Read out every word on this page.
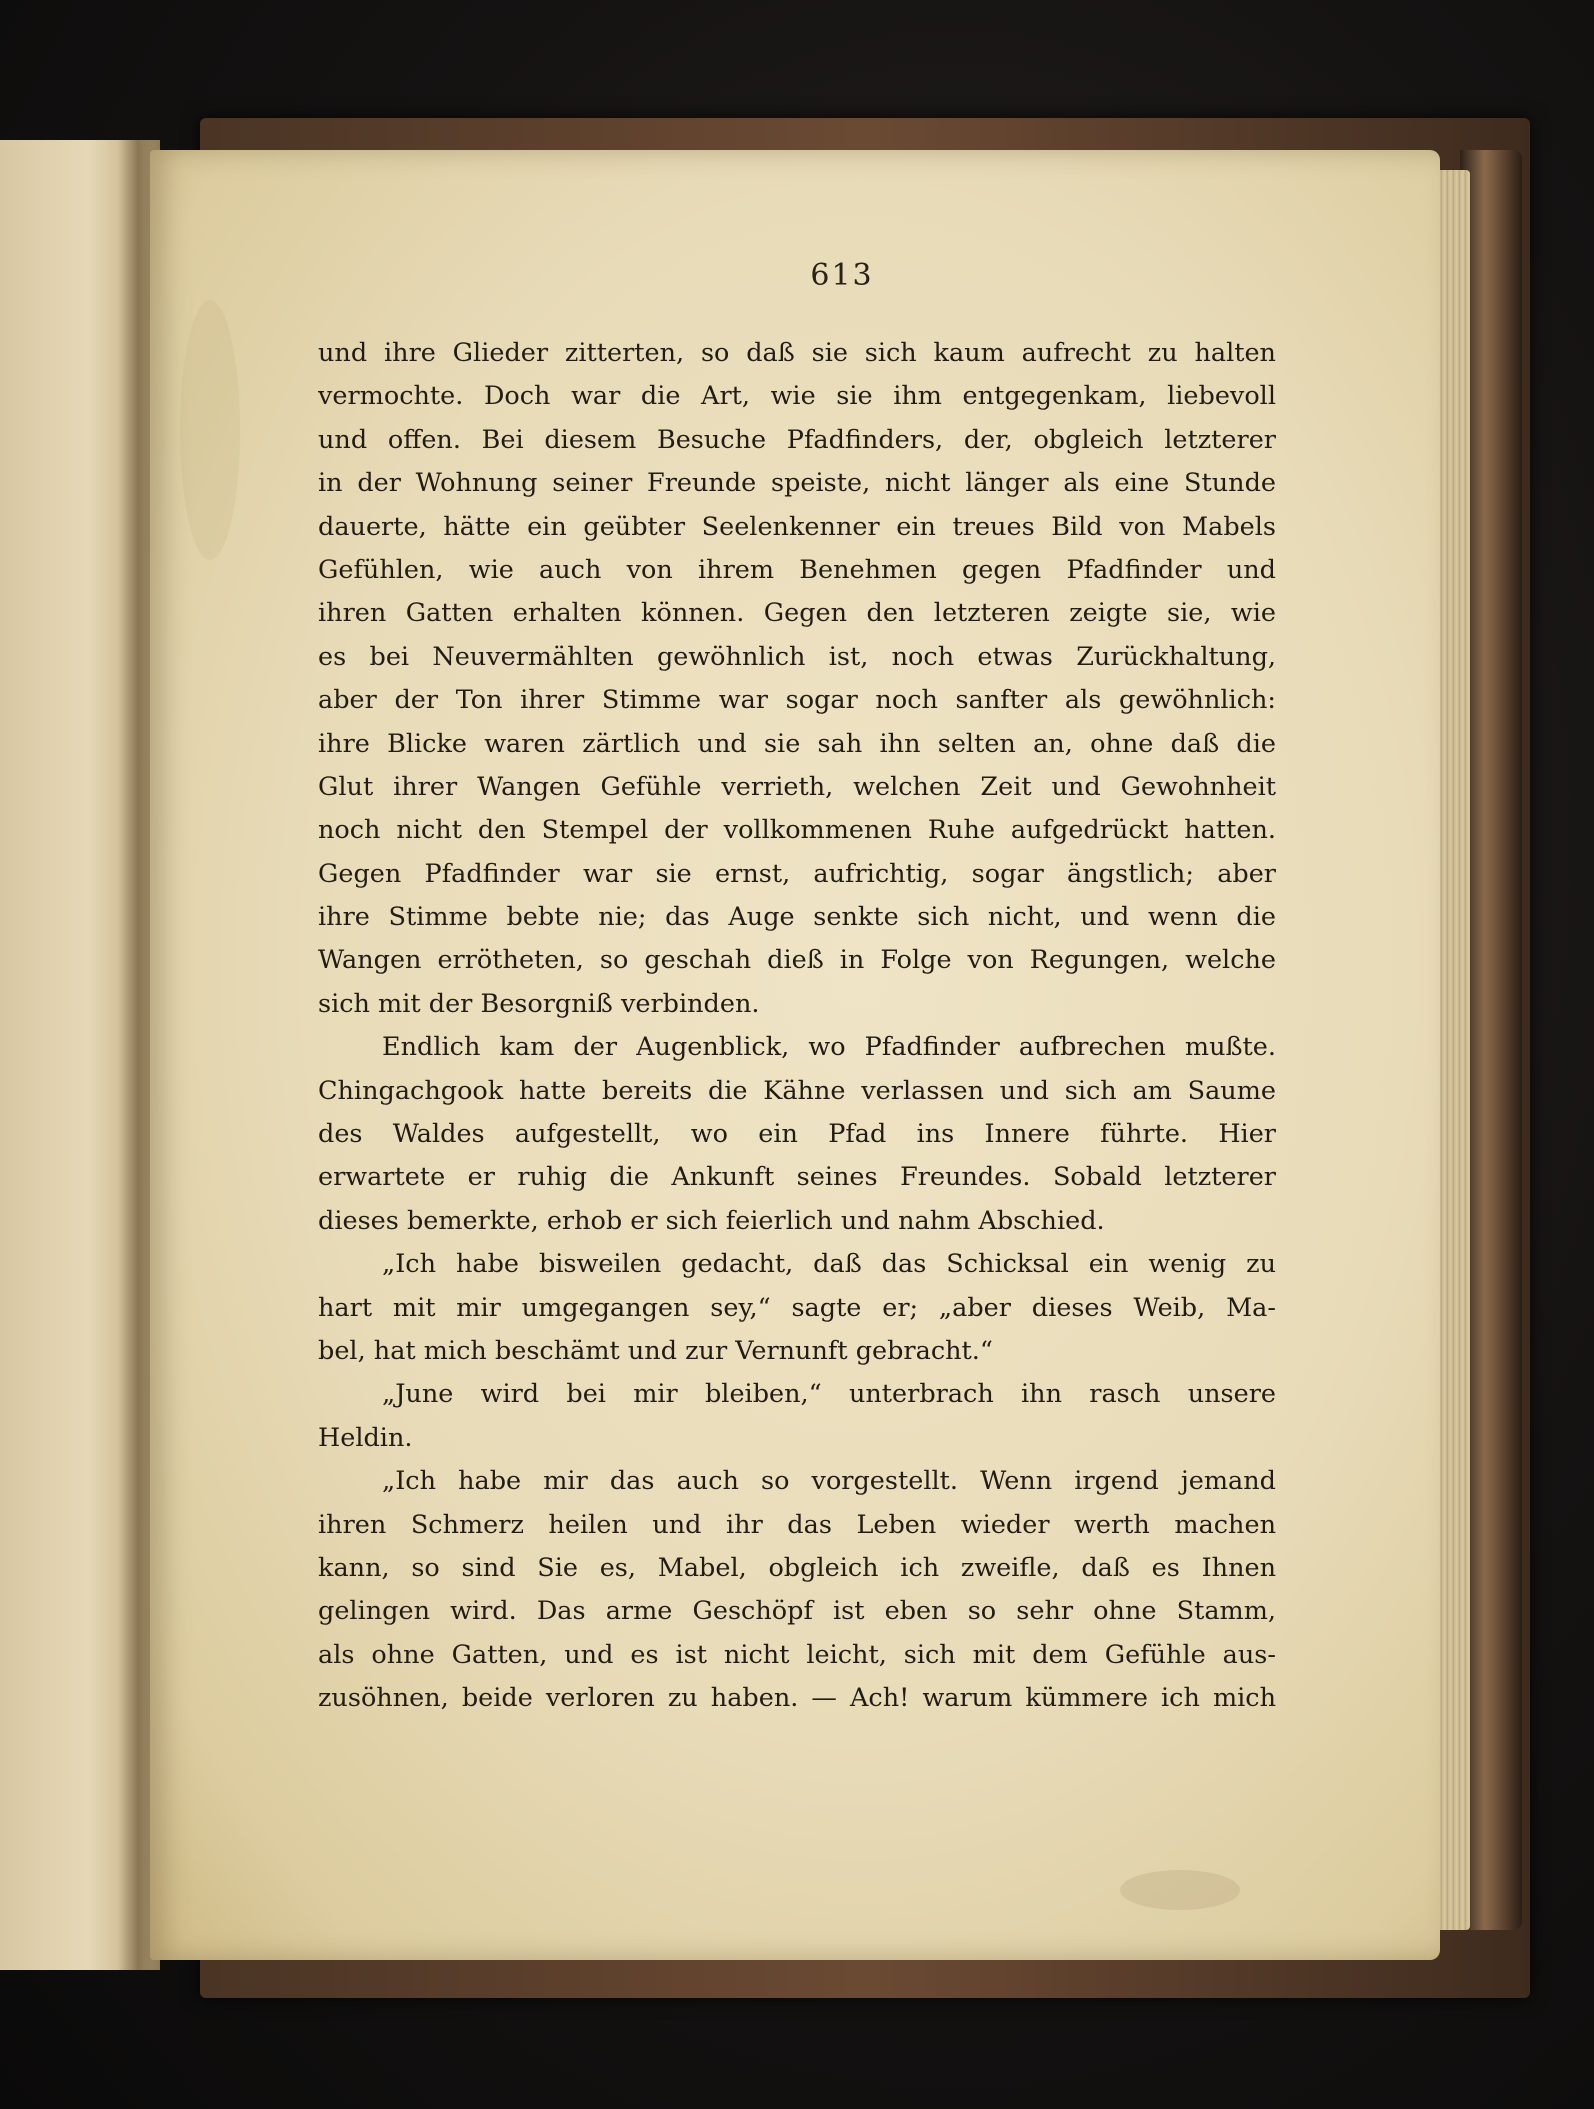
613
und ihre Glieder zitterten, so daß sie sich kaum aufrecht zu halten
vermochte. Doch war die Art, wie sie ihm entgegenkam, liebevoll
und offen. Bei diesem Besuche Pfadfinders, der, obgleich letzterer
in der Wohnung seiner Freunde speiste, nicht länger als eine Stunde
dauerte, hätte ein geübter Seelenkenner ein treues Bild von Mabels
Gefühlen, wie auch von ihrem Benehmen gegen Pfadfinder und
ihren Gatten erhalten können. Gegen den letzteren zeigte sie, wie
es bei Neuvermählten gewöhnlich ist, noch etwas Zurückhaltung,
aber der Ton ihrer Stimme war sogar noch sanfter als gewöhnlich:
ihre Blicke waren zärtlich und sie sah ihn selten an, ohne daß die
Glut ihrer Wangen Gefühle verrieth, welchen Zeit und Gewohnheit
noch nicht den Stempel der vollkommenen Ruhe aufgedrückt hatten.
Gegen Pfadfinder war sie ernst, aufrichtig, sogar ängstlich; aber
ihre Stimme bebte nie; das Auge senkte sich nicht, und wenn die
Wangen errötheten, so geschah dieß in Folge von Regungen, welche
sich mit der Besorgniß verbinden.
Endlich kam der Augenblick, wo Pfadfinder aufbrechen mußte.
Chingachgook hatte bereits die Kähne verlassen und sich am Saume
des Waldes aufgestellt, wo ein Pfad ins Innere führte. Hier
erwartete er ruhig die Ankunft seines Freundes. Sobald letzterer
dieses bemerkte, erhob er sich feierlich und nahm Abschied.
„Ich habe bisweilen gedacht, daß das Schicksal ein wenig zu
hart mit mir umgegangen sey,“ sagte er; „aber dieses Weib, Ma-
bel, hat mich beschämt und zur Vernunft gebracht.“
„June wird bei mir bleiben,“ unterbrach ihn rasch unsere
Heldin.
„Ich habe mir das auch so vorgestellt. Wenn irgend jemand
ihren Schmerz heilen und ihr das Leben wieder werth machen
kann, so sind Sie es, Mabel, obgleich ich zweifle, daß es Ihnen
gelingen wird. Das arme Geschöpf ist eben so sehr ohne Stamm,
als ohne Gatten, und es ist nicht leicht, sich mit dem Gefühle aus-
zusöhnen, beide verloren zu haben. — Ach! warum kümmere ich mich
